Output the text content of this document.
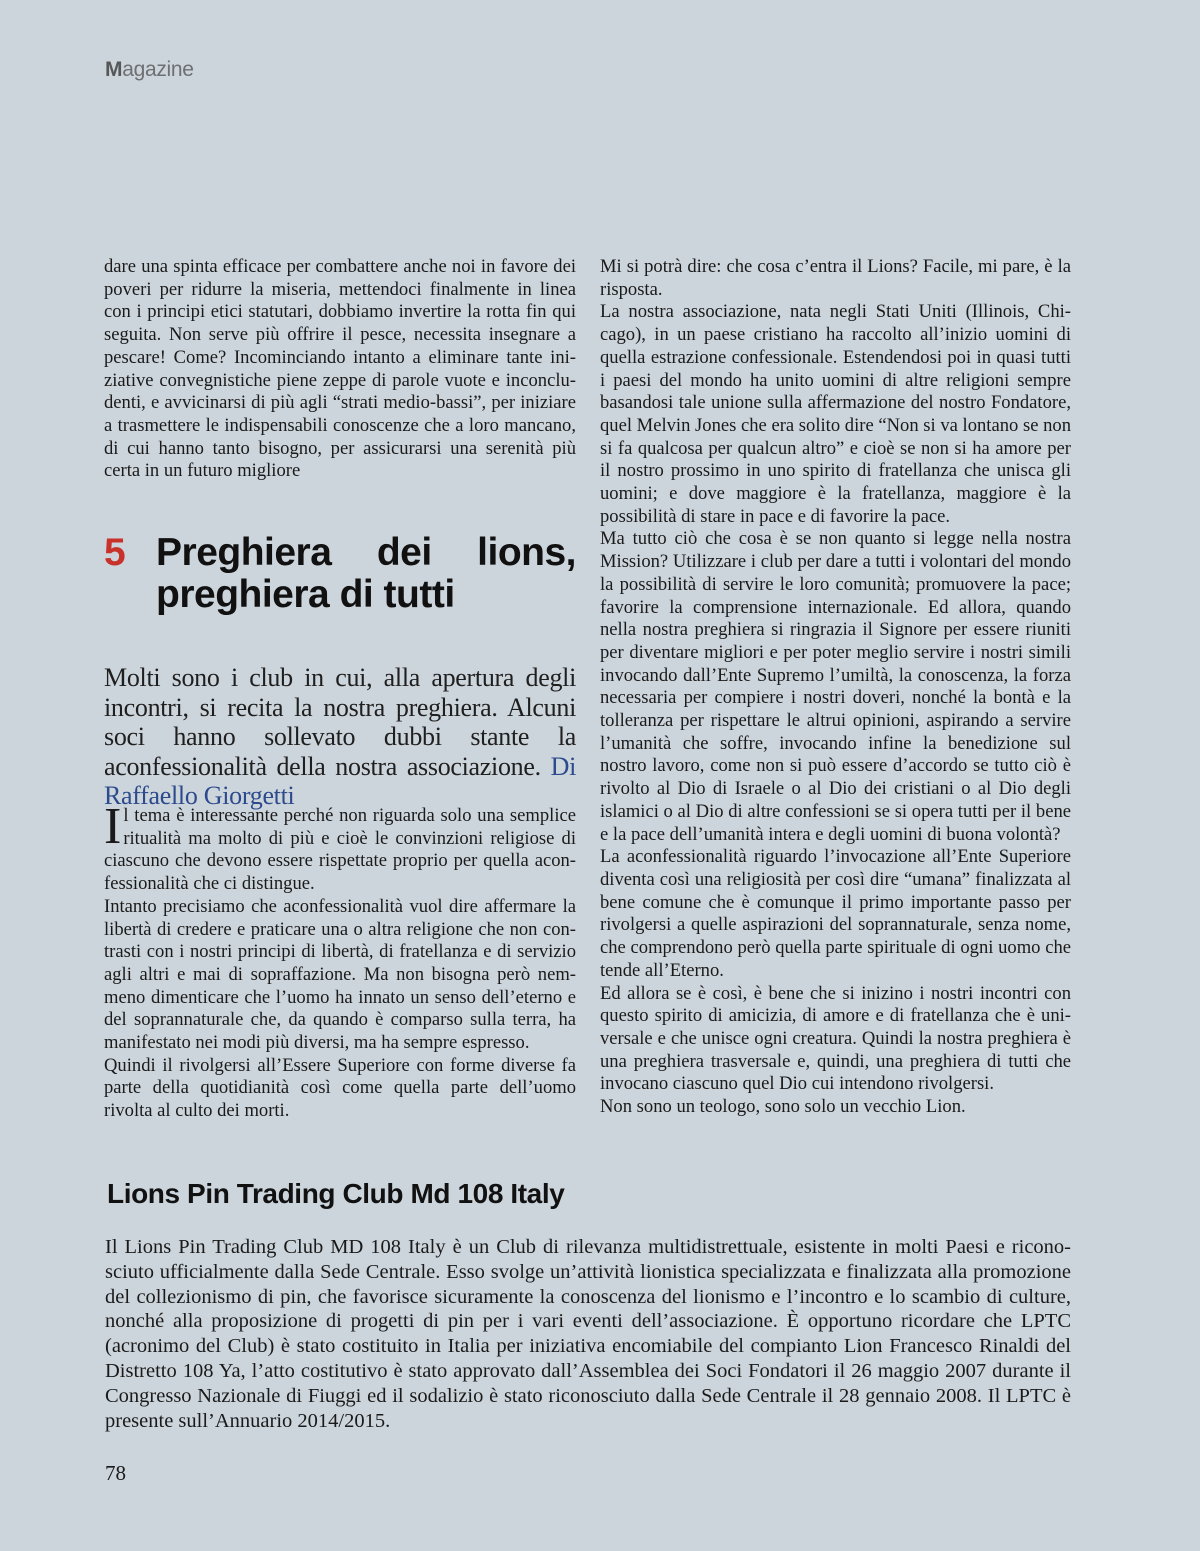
Magazine

dare una spinta efficace per combattere anche noi in favore dei poveri per ridurre la miseria, mettendoci finalmente in linea con i principi etici statutari, dobbiamo invertire la rotta fin qui seguita. Non serve più offrire il pesce, necessita insegnare a pescare! Come? Incominciando intanto a eliminare tante iniziative convegnistiche piene zeppe di parole vuote e inconcludenti, e avvicinarsi di più agli “strati medio-bassi”, per iniziare a trasmettere le indispensabili conoscenze che a loro mancano, di cui hanno tanto bisogno, per assicurarsi una serenità più certa in un futuro migliore

5 Preghiera dei lions, preghiera di tutti
Molti sono i club in cui, alla apertura degli incontri, si recita la nostra preghiera. Alcuni soci hanno sollevato dubbi stante la aconfessionalità della nostra associazione. Di Raffaello Giorgetti

Il tema è interessante perché non riguarda solo una semplice ritualità ma molto di più e cioè le convinzioni religiose di ciascuno che devono essere rispettate proprio per quella aconfessionalità che ci distingue.

Intanto precisiamo che aconfessionalità vuol dire affermare la libertà di credere e praticare una o altra religione che non contrasti con i nostri principi di libertà, di fratellanza e di servizio agli altri e mai di sopraffazione. Ma non bisogna però nemmeno dimenticare che l’uomo ha innato un senso dell’eterno e del soprannaturale che, da quando è comparso sulla terra, ha manifestato nei modi più diversi, ma ha sempre espresso.

Quindi il rivolgersi all’Essere Superiore con forme diverse fa parte della quotidianità così come quella parte dell’uomo rivolta al culto dei morti.

Mi si potrà dire: che cosa c’entra il Lions? Facile, mi pare, è la risposta.

La nostra associazione, nata negli Stati Uniti (Illinois, Chicago), in un paese cristiano ha raccolto all’inizio uomini di quella estrazione confessionale. Estendendosi poi in quasi tutti i paesi del mondo ha unito uomini di altre religioni sempre basandosi tale unione sulla affermazione del nostro Fondatore, quel Melvin Jones che era solito dire “Non si va lontano se non si fa qualcosa per qualcun altro” e cioè se non si ha amore per il nostro prossimo in uno spirito di fratellanza che unisca gli uomini; e dove maggiore è la fratellanza, maggiore è la possibilità di stare in pace e di favorire la pace.

Ma tutto ciò che cosa è se non quanto si legge nella nostra Mission? Utilizzare i club per dare a tutti i volontari del mondo la possibilità di servire le loro comunità; promuovere la pace; favorire la comprensione internazionale. Ed allora, quando nella nostra preghiera si ringrazia il Signore per essere riuniti per diventare migliori e per poter meglio servire i nostri simili invocando dall’Ente Supremo l’umiltà, la conoscenza, la forza necessaria per compiere i nostri doveri, nonché la bontà e la tolleranza per rispettare le altrui opinioni, aspirando a servire l’umanità che soffre, invocando infine la benedizione sul nostro lavoro, come non si può essere d’accordo se tutto ciò è rivolto al Dio di Israele o al Dio dei cristiani o al Dio degli islamici o al Dio di altre confessioni se si opera tutti per il bene e la pace dell’umanità intera e degli uomini di buona volontà?

La aconfessionalità riguardo l’invocazione all’Ente Superiore diventa così una religiosità per così dire “umana” finalizzata al bene comune che è comunque il primo importante passo per rivolgersi a quelle aspirazioni del soprannaturale, senza nome, che comprendono però quella parte spirituale di ogni uomo che tende all’Eterno.

Ed allora se è così, è bene che si inizino i nostri incontri con questo spirito di amicizia, di amore e di fratellanza che è universale e che unisce ogni creatura. Quindi la nostra preghiera è una preghiera trasversale e, quindi, una preghiera di tutti che invocano ciascuno quel Dio cui intendono rivolgersi.

Non sono un teologo, sono solo un vecchio Lion.

Lions Pin Trading Club Md 108 Italy
Il Lions Pin Trading Club MD 108 Italy è un Club di rilevanza multidistrettuale, esistente in molti Paesi e riconosciuto ufficialmente dalla Sede Centrale. Esso svolge un’attività lionistica specializzata e finalizzata alla promozione del collezionismo di pin, che favorisce sicuramente la conoscenza del lionismo e l’incontro e lo scambio di culture, nonché alla proposizione di progetti di pin per i vari eventi dell’associazione. È opportuno ricordare che LPTC (acronimo del Club) è stato costituito in Italia per iniziativa encomiabile del compianto Lion Francesco Rinaldi del Distretto 108 Ya, l’atto costitutivo è stato approvato dall’Assemblea dei Soci Fondatori il 26 maggio 2007 durante il Congresso Nazionale di Fiuggi ed il sodalizio è stato riconosciuto dalla Sede Centrale il 28 gennaio 2008. Il LPTC è presente sull’Annuario 2014/2015.
78
